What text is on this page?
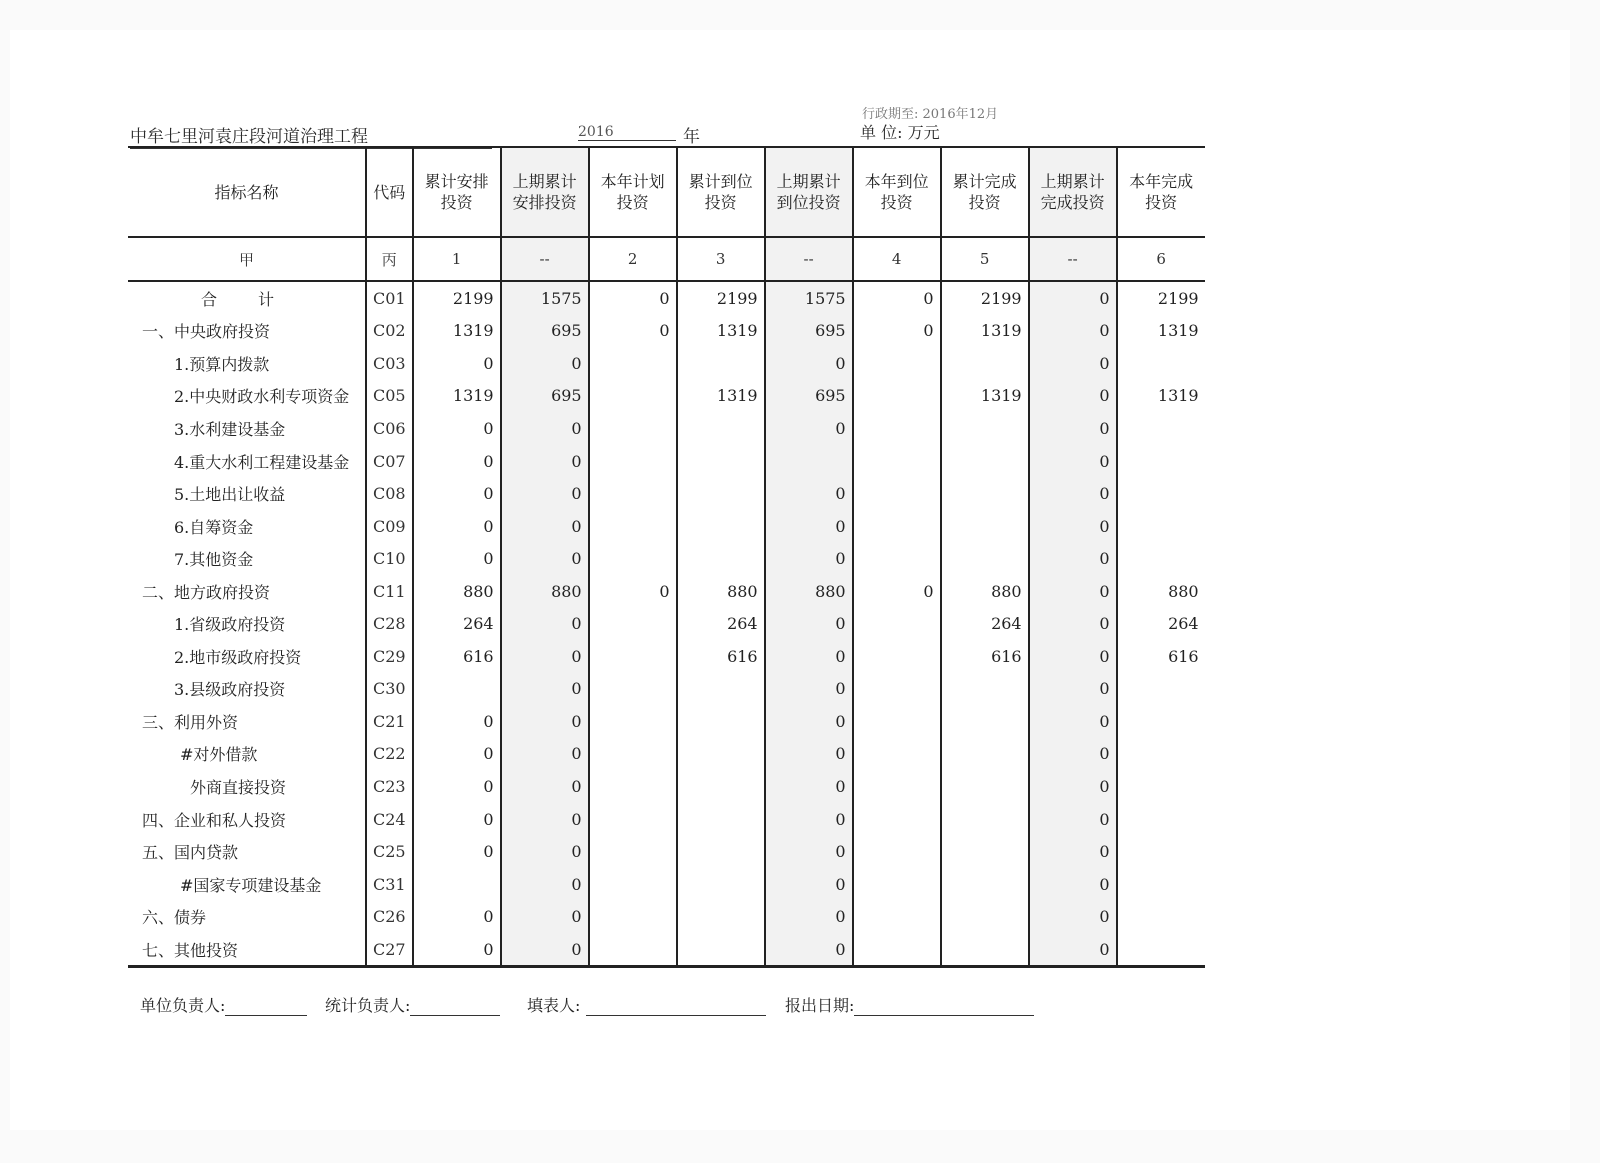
中牟七里河袁庄段河道治理工程	2016	年	单 位: 万元
指标名称	代码	累计安排投资	上期累计安排投资	本年计划投资	累计到位投资	上期累计到位投资	本年到位投资	累计完成投资	上期累计完成投资	本年完成投资
甲	丙	1	--	2	3	--	4	5	--	6
合 计	C01	2199	1575	0	2199	1575	0	2199	0	2199
一、中央政府投资	C02	1319	695	0	1319	695	0	1319	0	1319
1.预算内拨款	C03	0	0			0			0	
2.中央财政水利专项资金	C05	1319	695		1319	695		1319	0	1319
3.水利建设基金	C06	0	0			0			0	
4.重大水利工程建设基金	C07	0	0						0	
5.土地出让收益	C08	0	0			0			0	
6.自筹资金	C09	0	0			0			0	
7.其他资金	C10	0	0			0			0	
二、地方政府投资	C11	880	880	0	880	880	0	880	0	880
1.省级政府投资	C28	264	0		264	0		264	0	264
2.地市级政府投资	C29	616	0		616	0		616	0	616
3.县级政府投资	C30		0			0			0	
三、利用外资	C21	0	0			0			0	
#对外借款	C22	0	0			0			0	
外商直接投资	C23	0	0			0			0	
四、企业和私人投资	C24	0	0			0			0	
五、国内贷款	C25	0	0			0			0	
#国家专项建设基金	C31		0			0			0	
六、债券	C26	0	0			0			0	
七、其他投资	C27	0	0			0			0	
单位负责人:	统计负责人:	填表人:	报出日期:
